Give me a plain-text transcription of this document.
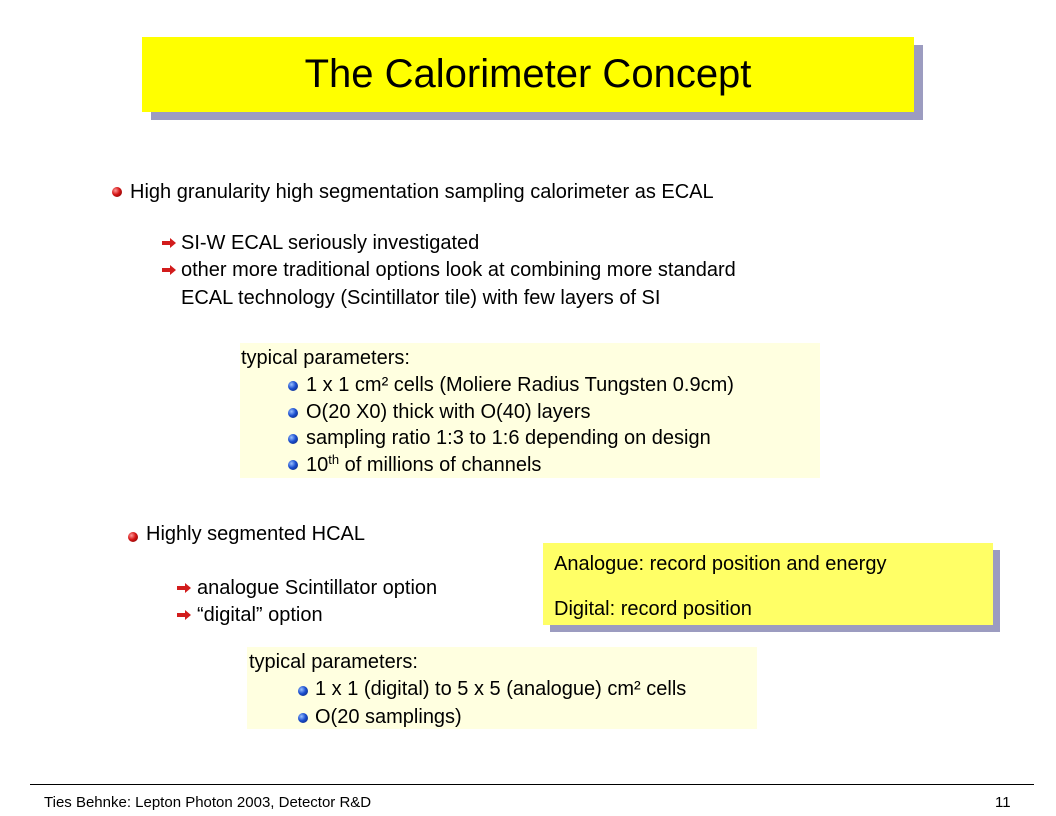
The Calorimeter Concept
High granularity high segmentation sampling calorimeter as ECAL
SI-W ECAL seriously investigated
other more traditional options look at combining more standard
ECAL technology (Scintillator tile) with few layers of SI
typical parameters:
1 x 1 cm² cells (Moliere Radius Tungsten 0.9cm)
O(20 X0) thick with O(40) layers
sampling ratio 1:3 to 1:6 depending on design
10th of millions of channels
Highly segmented HCAL
analogue Scintillator option
“digital” option
Analogue: record position and energy
Digital: record position
typical parameters:
1 x 1 (digital) to 5 x 5 (analogue) cm² cells
O(20 samplings)
Ties Behnke: Lepton Photon 2003, Detector R&D	11
